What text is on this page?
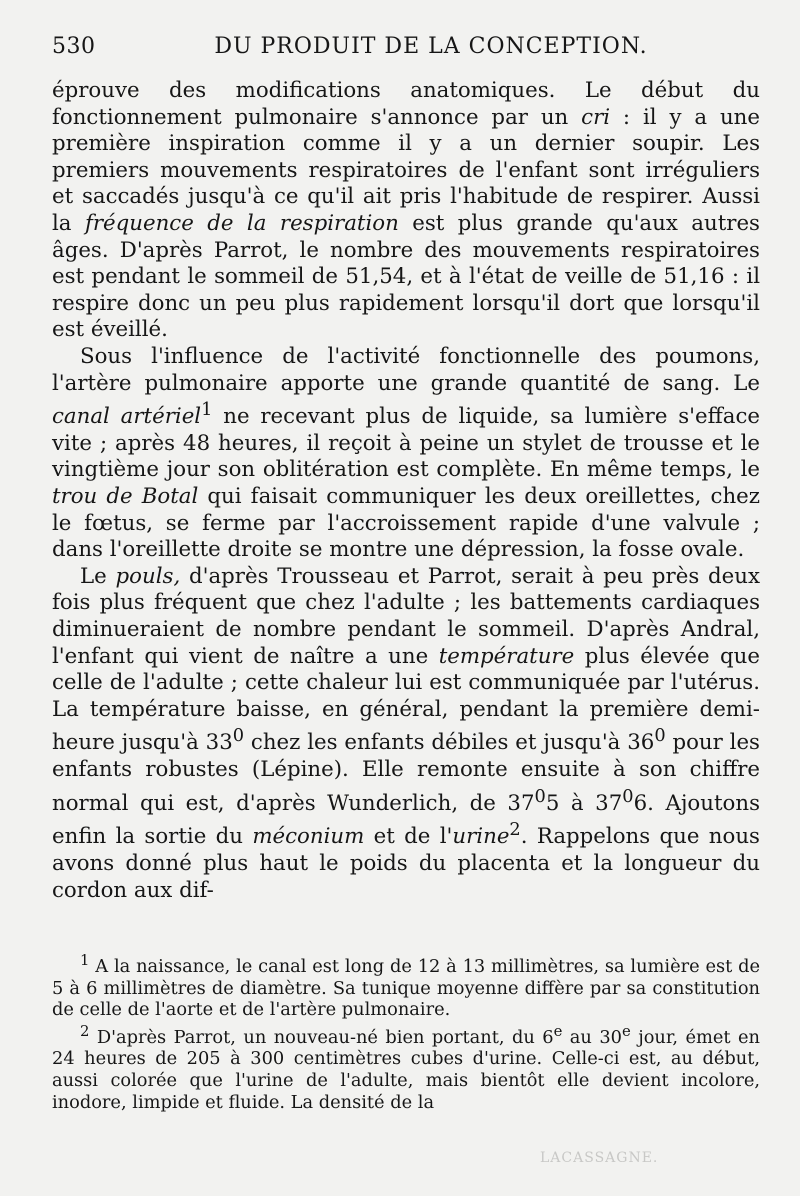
530	DU PRODUIT DE LA CONCEPTION.

éprouve des modifications anatomiques. Le début du fonctionnement pulmonaire s'annonce par un cri : il y a une première inspiration comme il y a un dernier soupir. Les premiers mouvements respiratoires de l'enfant sont irréguliers et saccadés jusqu'à ce qu'il ait pris l'habitude de respirer. Aussi la fréquence de la respiration est plus grande qu'aux autres âges. D'après Parrot, le nombre des mouvements respiratoires est pendant le sommeil de 51,54, et à l'état de veille de 51,16 : il respire donc un peu plus rapidement lorsqu'il dort que lorsqu'il est éveillé.

Sous l'influence de l'activité fonctionnelle des poumons, l'artère pulmonaire apporte une grande quantité de sang. Le canal artériel$^1$ ne recevant plus de liquide, sa lumière s'efface vite ; après 48 heures, il reçoit à peine un stylet de trousse et le vingtième jour son oblitération est complète. En même temps, le trou de Botal qui faisait communiquer les deux oreillettes, chez le fœtus, se ferme par l'accroissement rapide d'une valvule ; dans l'oreillette droite se montre une dépression, la fosse ovale.

Le pouls, d'après Trousseau et Parrot, serait à peu près deux fois plus fréquent que chez l'adulte ; les battements cardiaques diminueraient de nombre pendant le sommeil. D'après Andral, l'enfant qui vient de naître a une température plus élevée que celle de l'adulte ; cette chaleur lui est communiquée par l'utérus. La température baisse, en général, pendant la première demi-heure jusqu'à $33^0$ chez les enfants débiles et jusqu'à $36^0$ pour les enfants robustes (Lépine). Elle remonte ensuite à son chiffre normal qui est, d'après Wunderlich, de $37^05$ à $37^06$. Ajoutons enfin la sortie du méconium et de l'urine$^2$. Rappelons que nous avons donné plus haut le poids du placenta et la longueur du cordon aux dif-

$^1$ A la naissance, le canal est long de 12 à 13 millimètres, sa lumière est de 5 à 6 millimètres de diamètre. Sa tunique moyenne diffère par sa constitution de celle de l'aorte et de l'artère pulmonaire.

$^2$ D'après Parrot, un nouveau-né bien portant, du 6e au 30e jour, émet en 24 heures de 205 à 300 centimètres cubes d'urine. Celle-ci est, au début, aussi colorée que l'urine de l'adulte, mais bientôt elle devient incolore, inodore, limpide et fluide. La densité de la

LACASSAGNE.
